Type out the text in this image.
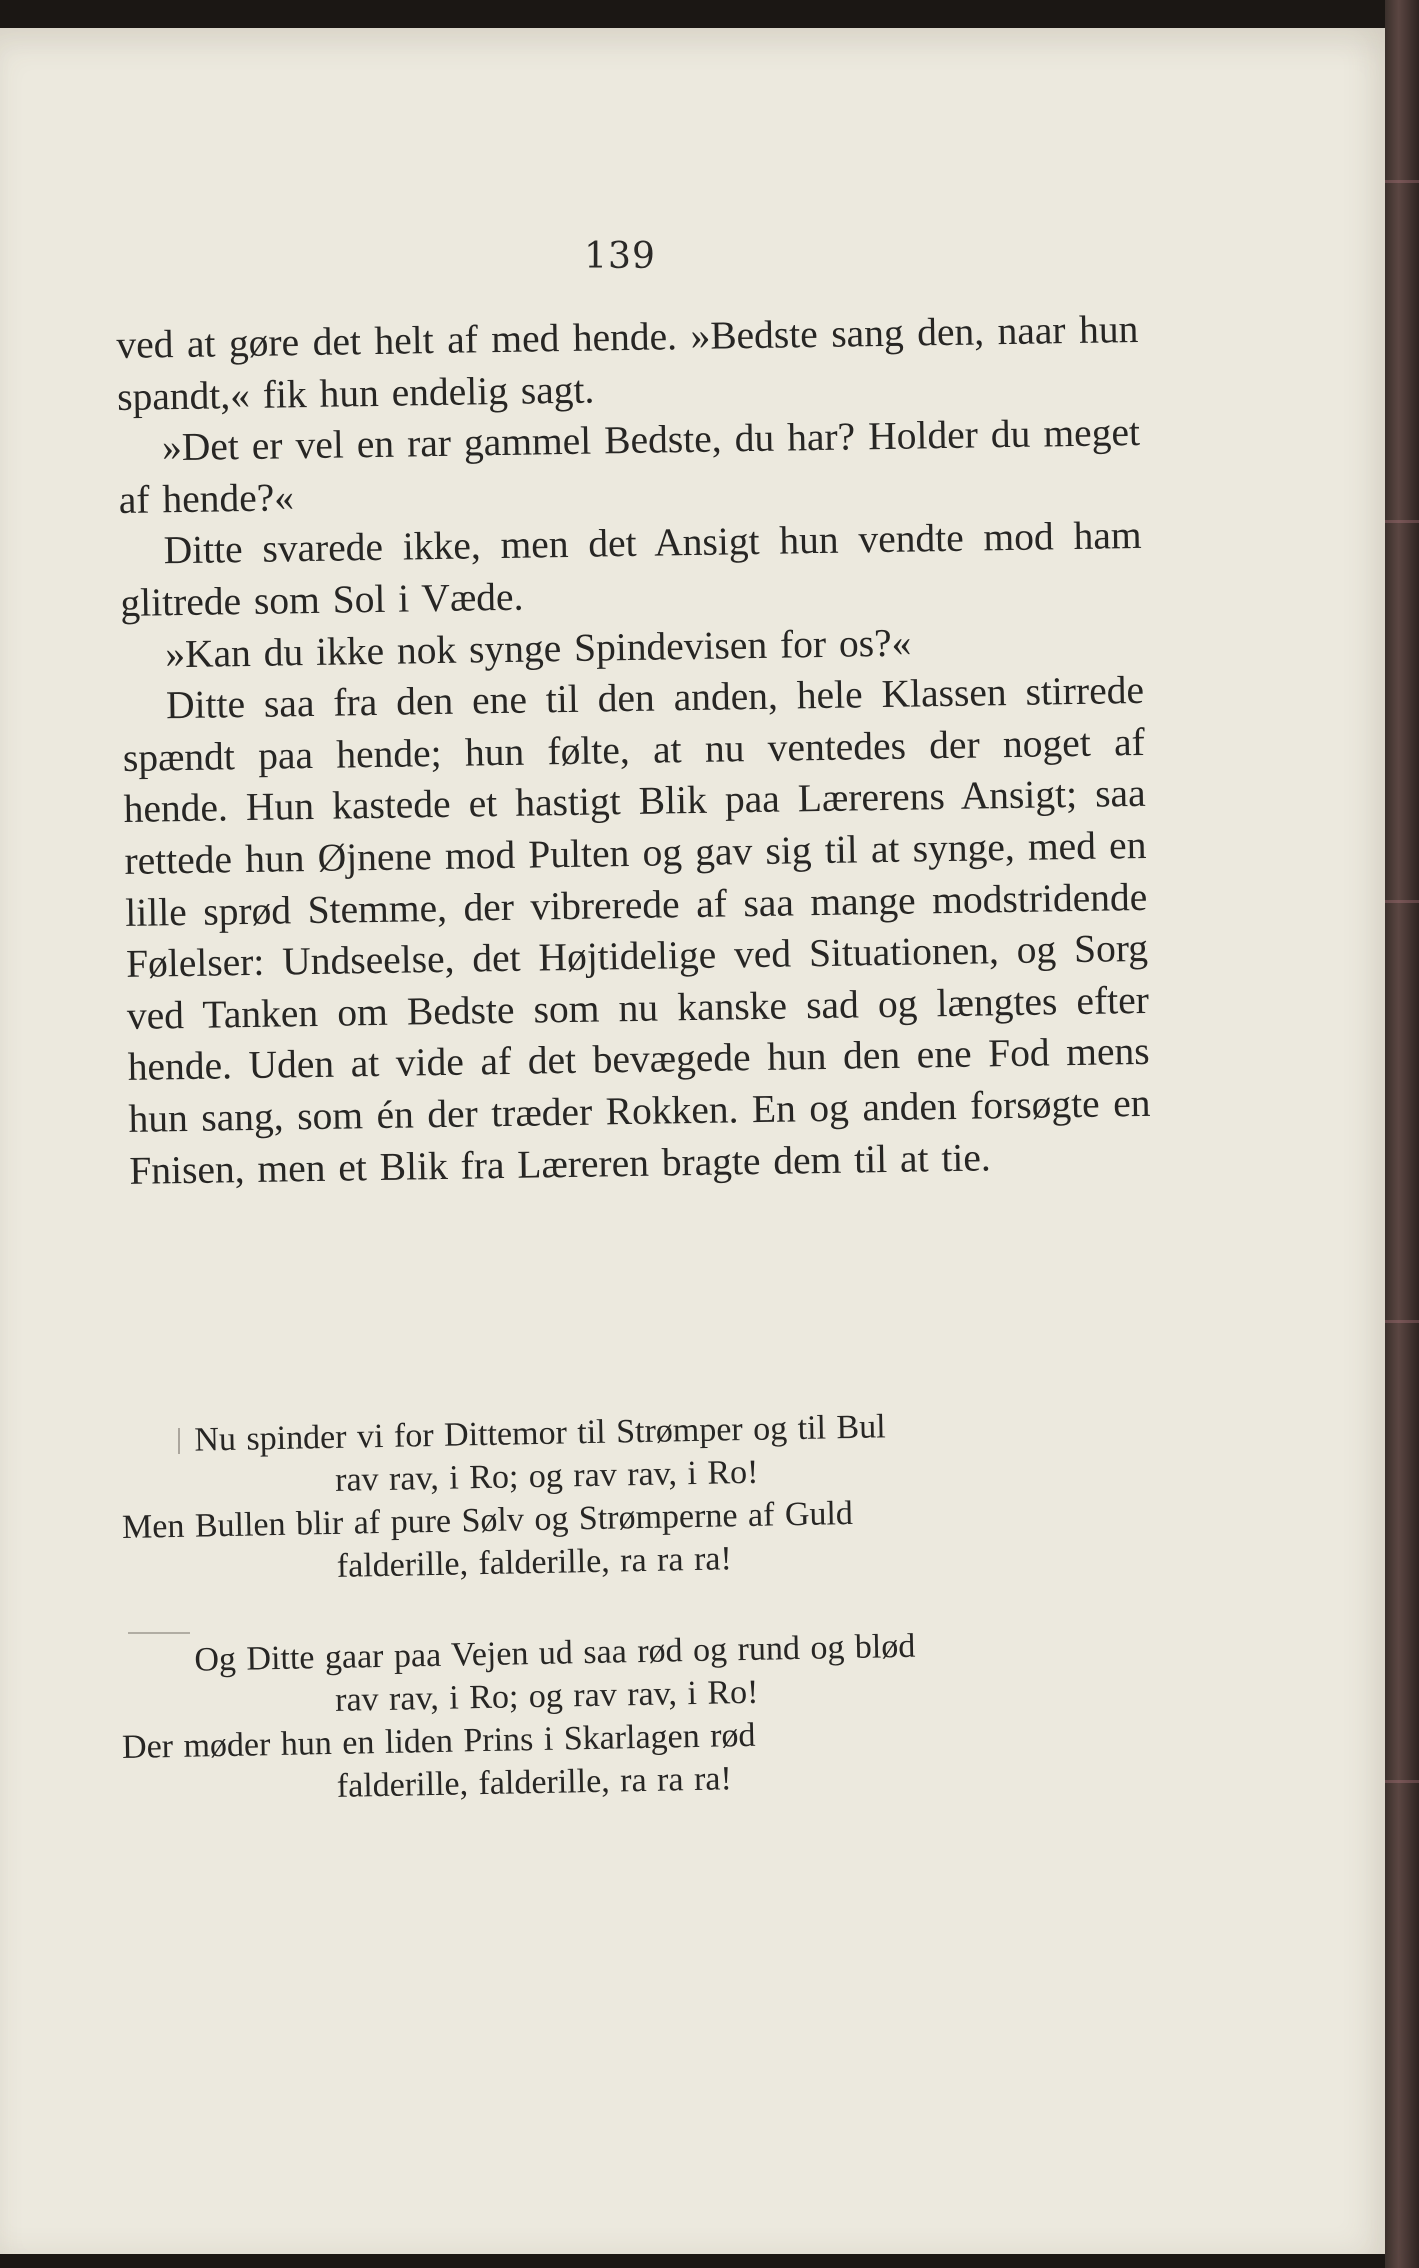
139

ved at gøre det helt af med hende. »Bedste sang den, naar hun spandt,« fik hun endelig sagt.

»Det er vel en rar gammel Bedste, du har? Holder du meget af hende?«

Ditte svarede ikke, men det Ansigt hun vendte mod ham glitrede som Sol i Væde.

»Kan du ikke nok synge Spindevisen for os?«

Ditte saa fra den ene til den anden, hele Klassen stirrede spændt paa hende; hun følte, at nu ventedes der noget af hende. Hun kastede et hastigt Blik paa Lærerens Ansigt; saa rettede hun Øjnene mod Pulten og gav sig til at synge, med en lille sprød Stemme, der vibrerede af saa mange modstridende Følelser: Undseelse, det Højtidelige ved Situationen, og Sorg ved Tanken om Bedste som nu kanske sad og længtes efter hende. Uden at vide af det bevægede hun den ene Fod mens hun sang, som én der træder Rokken. En og anden forsøgte en Fnisen, men et Blik fra Læreren bragte dem til at tie.

Nu spinder vi for Dittemor til Strømper og til Bul
rav rav, i Ro; og rav rav, i Ro!
Men Bullen blir af pure Sølv og Strømperne af Guld
falderille, falderille, ra ra ra!
Og Ditte gaar paa Vejen ud saa rød og rund og blød
rav rav, i Ro; og rav rav, i Ro!
Der møder hun en liden Prins i Skarlagen rød
falderille, falderille, ra ra ra!
